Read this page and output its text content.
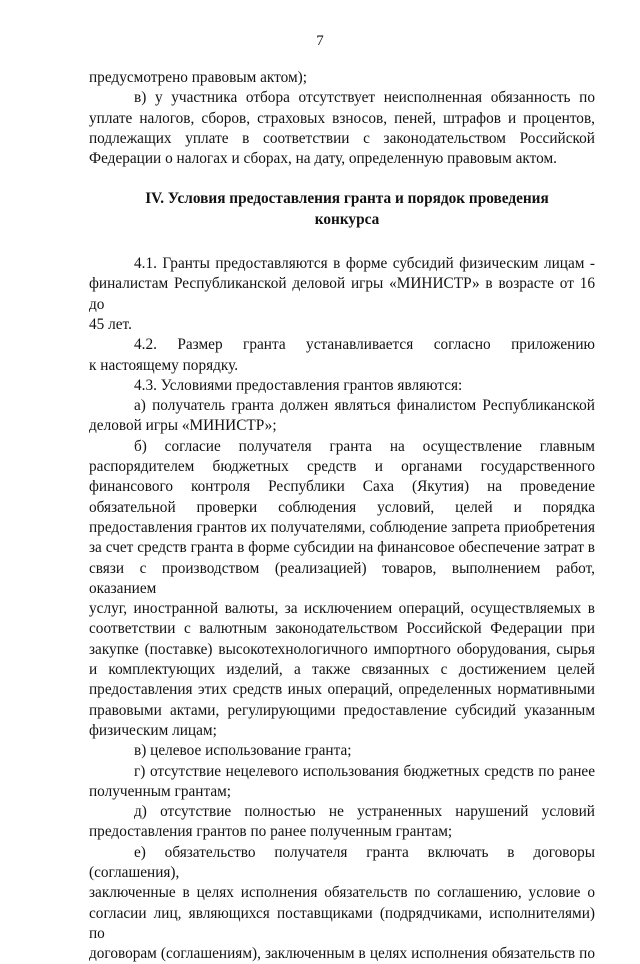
7
предусмотрено правовым актом);
в) у участника отбора отсутствует неисполненная обязанность по
уплате налогов, сборов, страховых взносов, пеней, штрафов и процентов,
подлежащих уплате в соответствии с законодательством Российской
Федерации о налогах и сборах, на дату, определенную правовым актом.
IV. Условия предоставления гранта и порядок проведения
конкурса
4.1. Гранты предоставляются в форме субсидий физическим лицам -
финалистам Республиканской деловой игры «МИНИСТР» в возрасте от 16 до
45 лет.
4.2. Размер гранта устанавливается согласно приложению
к настоящему порядку.
4.3. Условиями предоставления грантов являются:
а) получатель гранта должен являться финалистом Республиканской
деловой игры «МИНИСТР»;
б) согласие получателя гранта на осуществление главным
распорядителем бюджетных средств и органами государственного
финансового контроля Республики Саха (Якутия) на проведение
обязательной проверки соблюдения условий, целей и порядка
предоставления грантов их получателями, соблюдение запрета приобретения
за счет средств гранта в форме субсидии на финансовое обеспечение затрат в
связи с производством (реализацией) товаров, выполнением работ, оказанием
услуг, иностранной валюты, за исключением операций, осуществляемых в
соответствии с валютным законодательством Российской Федерации при
закупке (поставке) высокотехнологичного импортного оборудования, сырья
и комплектующих изделий, а также связанных с достижением целей
предоставления этих средств иных операций, определенных нормативными
правовыми актами, регулирующими предоставление субсидий указанным
физическим лицам;
в) целевое использование гранта;
г) отсутствие нецелевого использования бюджетных средств по ранее
полученным грантам;
д) отсутствие полностью не устраненных нарушений условий
предоставления грантов по ранее полученным грантам;
е) обязательство получателя гранта включать в договоры (соглашения),
заключенные в целях исполнения обязательств по соглашению, условие о
согласии лиц, являющихся поставщиками (подрядчиками, исполнителями) по
договорам (соглашениям), заключенным в целях исполнения обязательств по
